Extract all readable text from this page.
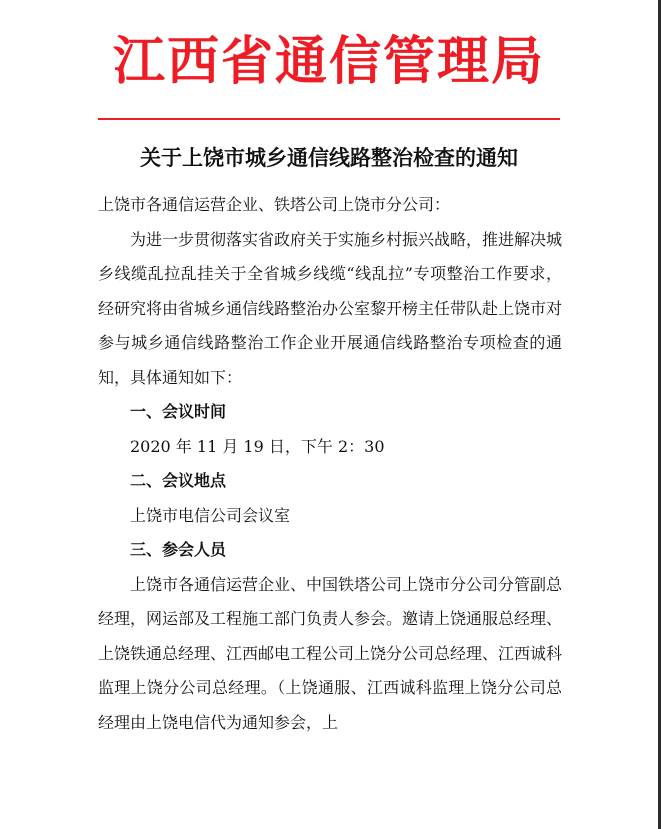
江西省通信管理局
关于上饶市城乡通信线路整治检查的通知

上饶市各通信运营企业、铁塔公司上饶市分公司：

为进一步贯彻落实省政府关于实施乡村振兴战略，推进解决城乡线缆乱拉乱挂关于全省城乡线缆“线乱拉”专项整治工作要求，经研究将由省城乡通信线路整治办公室黎开榜主任带队赴上饶市对参与城乡通信线路整治工作企业开展通信线路整治专项检查的通知，具体通知如下：

一、会议时间

2020 年 11 月 19 日，下午 2：30

二、会议地点

上饶市电信公司会议室

三、参会人员

上饶市各通信运营企业、中国铁塔公司上饶市分公司分管副总经理，网运部及工程施工部门负责人参会。邀请上饶通服总经理、上饶铁通总经理、江西邮电工程公司上饶分公司总经理、江西诚科监理上饶分公司总经理。（上饶通服、江西诚科监理上饶分公司总经理由上饶电信代为通知参会，上
